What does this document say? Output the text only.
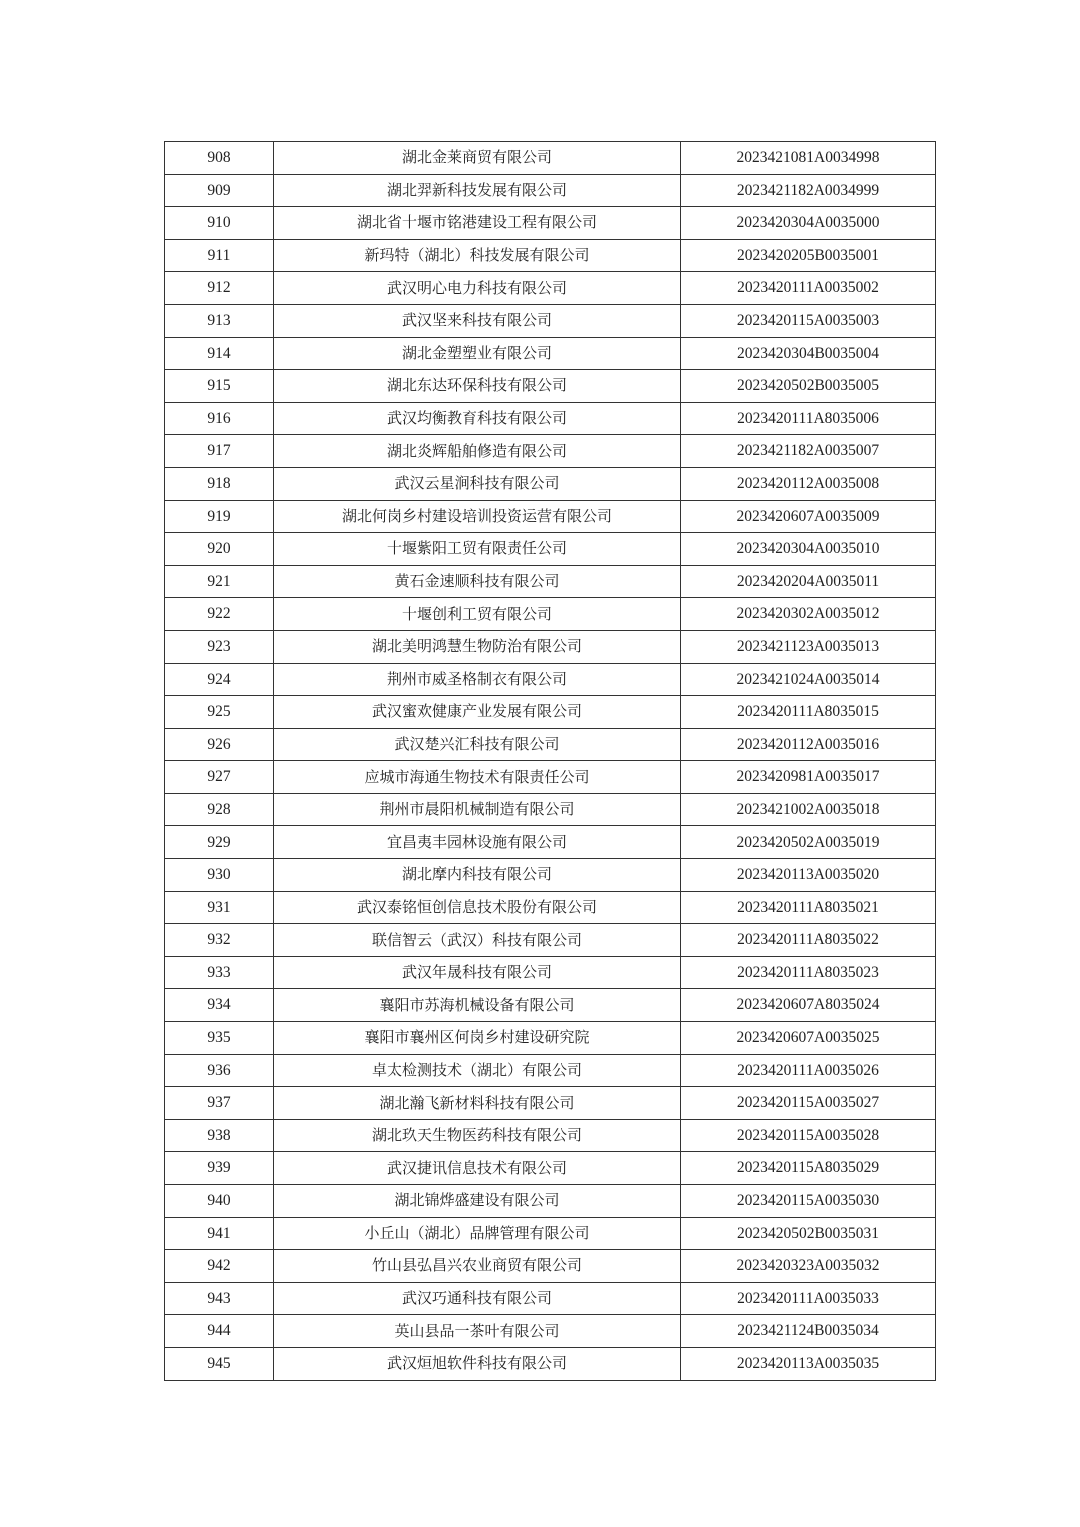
908	湖北金莱商贸有限公司	2023421081A0034998
909	湖北羿新科技发展有限公司	2023421182A0034999
910	湖北省十堰市铭港建设工程有限公司	2023420304A0035000
911	新玛特（湖北）科技发展有限公司	2023420205B0035001
912	武汉明心电力科技有限公司	2023420111A0035002
913	武汉坚来科技有限公司	2023420115A0035003
914	湖北金塑塑业有限公司	2023420304B0035004
915	湖北东达环保科技有限公司	2023420502B0035005
916	武汉均衡教育科技有限公司	2023420111A8035006
917	湖北炎辉船舶修造有限公司	2023421182A0035007
918	武汉云星涧科技有限公司	2023420112A0035008
919	湖北何岗乡村建设培训投资运营有限公司	2023420607A0035009
920	十堰紫阳工贸有限责任公司	2023420304A0035010
921	黄石金速顺科技有限公司	2023420204A0035011
922	十堰创利工贸有限公司	2023420302A0035012
923	湖北美明鸿慧生物防治有限公司	2023421123A0035013
924	荆州市威圣格制衣有限公司	2023421024A0035014
925	武汉蜜欢健康产业发展有限公司	2023420111A8035015
926	武汉楚兴汇科技有限公司	2023420112A0035016
927	应城市海通生物技术有限责任公司	2023420981A0035017
928	荆州市晨阳机械制造有限公司	2023421002A0035018
929	宜昌夷丰园林设施有限公司	2023420502A0035019
930	湖北摩内科技有限公司	2023420113A0035020
931	武汉泰铭恒创信息技术股份有限公司	2023420111A8035021
932	联信智云（武汉）科技有限公司	2023420111A8035022
933	武汉年晟科技有限公司	2023420111A8035023
934	襄阳市苏海机械设备有限公司	2023420607A8035024
935	襄阳市襄州区何岗乡村建设研究院	2023420607A0035025
936	卓太检测技术（湖北）有限公司	2023420111A0035026
937	湖北瀚飞新材料科技有限公司	2023420115A0035027
938	湖北玖天生物医药科技有限公司	2023420115A0035028
939	武汉捷讯信息技术有限公司	2023420115A8035029
940	湖北锦烨盛建设有限公司	2023420115A0035030
941	小丘山（湖北）品牌管理有限公司	2023420502B0035031
942	竹山县弘昌兴农业商贸有限公司	2023420323A0035032
943	武汉巧通科技有限公司	2023420111A0035033
944	英山县品一茶叶有限公司	2023421124B0035034
945	武汉烜旭软件科技有限公司	2023420113A0035035
